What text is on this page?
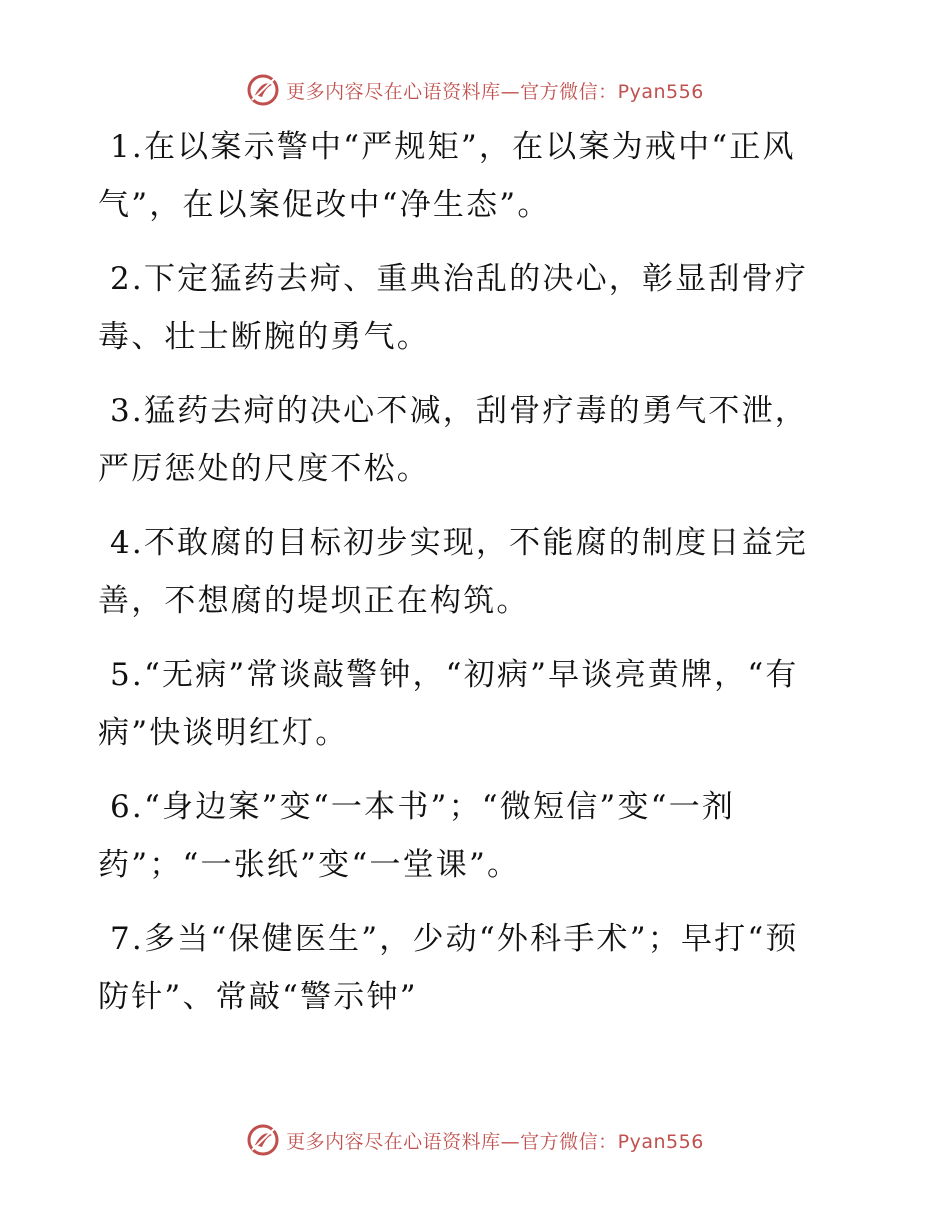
更多内容尽在心语资料库—官方微信：Pyan556

1.在以案示警中“严规矩”，在以案为戒中“正风气”，在以案促改中“净生态”。

2.下定猛药去疴、重典治乱的决心，彰显刮骨疗毒、壮士断腕的勇气。

3.猛药去疴的决心不减，刮骨疗毒的勇气不泄，严厉惩处的尺度不松。

4.不敢腐的目标初步实现，不能腐的制度日益完善，不想腐的堤坝正在构筑。

5.“无病”常谈敲警钟，“初病”早谈亮黄牌，“有病”快谈明红灯。

6.“身边案”变“一本书”；“微短信”变“一剂药”；“一张纸”变“一堂课”。

7.多当“保健医生”，少动“外科手术”；早打“预防针”、常敲“警示钟”

更多内容尽在心语资料库—官方微信：Pyan556
